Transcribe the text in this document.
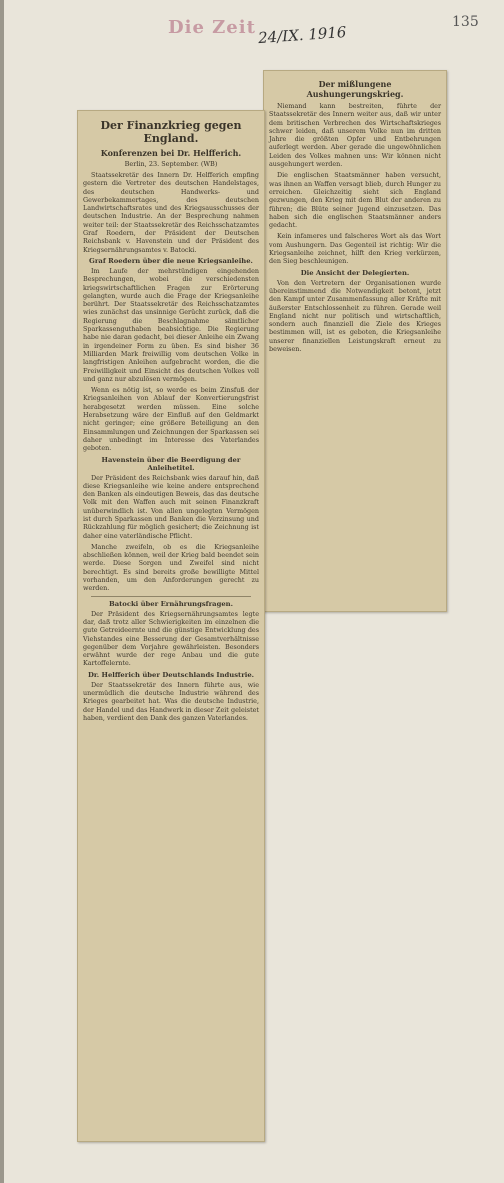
Die Zeit 24/IX. 1916
135
Der mißlungene Aushungerungskrieg.
Niemand kann bestreiten, führte der Staatssekretär des Innern weiter aus, daß wir unter dem britischen Verbrechen des Wirtschaftskrieges schwer leiden, daß unserem Volke nun im dritten Jahre die größten Opfer und Entbehrungen auferlegt werden. Aber gerade die ungewöhnlichen Leiden des Volkes mahnen uns: Wir können nicht ausgehungert werden.
Die englischen Staatsmänner haben versucht, was ihnen an Waffen versagt blieb, durch Hunger zu erreichen. Gleichzeitig sieht sich England gezwungen, den Krieg mit dem Blut der anderen zu führen; die Blüte seiner Jugend einzusetzen. Das haben sich die englischen Staatsmänner anders gedacht.
Kein infameres und falscheres Wort als das Wort vom Aushungern. Das Gegenteil ist richtig: Wir die Kriegsanleihe zeichnet, hilft den Krieg verkürzen, den Sieg beschleunigen.
Die Ansicht der Delegierten.
Von den Vertretern der Organisationen wurde übereinstimmend die Notwendigkeit betont, jetzt den Kampf unter Zusammenfassung aller Kräfte mit äußerster Entschlossenheit zu führen. Gerade weil England nicht nur politisch und wirtschaftlich, sondern auch finanziell die Ziele des Krieges bestimmen will, ist es geboten, die Kriegsanleihe unserer finanziellen Leistungskraft erneut zu beweisen.
Der Finanzkrieg gegen England.
Konferenzen bei Dr. Helfferich.
Berlin, 23. September. (WB)
Staatssekretär des Innern Dr. Helfferich empfing gestern die Vertreter des deutschen Handelstages, des deutschen Handwerks- und Gewerbekammertages, des deutschen Landwirtschaftsrates und des Kriegsausschusses der deutschen Industrie. An der Besprechung nahmen weiter teil: der Staatssekretär des Reichsschatzamtes Graf Roedern, der Präsident der Deutschen Reichsbank v. Havenstein und der Präsident des Kriegsernährungsamtes v. Batocki.
Graf Roedern über die neue Kriegsanleihe.
Im Laufe der mehrstündigen eingehenden Besprechungen, wobei die verschiedensten kriegswirtschaftlichen Fragen zur Erörterung gelangten, wurde auch die Frage der Kriegsanleihe berührt. Der Staatssekretär des Reichsschatzamtes wies zunächst das unsinnige Gerücht zurück, daß die Regierung die Beschlagnahme sämtlicher Sparkassenguthaben beabsichtige. Die Regierung habe nie daran gedacht, bei dieser Anleihe ein Zwang in irgendeiner Form zu üben. Es sind bisher 36 Milliarden Mark freiwillig vom deutschen Volke in langfristigen Anleihen aufgebracht worden, die die Freiwilligkeit und Einsicht des deutschen Volkes voll und ganz nur abzulösen vermögen.
Wenn es nötig ist, so werde es beim Zinsfuß der Kriegsanleihen von Ablauf der Konvertierungsfrist herabgesetzt werden müssen. Eine solche Herabsetzung wäre der Einfluß auf den Geldmarkt nicht geringer; eine größere Beteiligung an den Einsammlungen und Zeichnungen der Sparkassen sei daher unbedingt im Interesse des Vaterlandes geboten.
Havenstein über die Beerdigung der Anleihetitel.
Der Präsident des Reichsbank wies darauf hin, daß diese Kriegsanleihe wie keine andere entsprechend den Banken als eindeutigen Beweis, das das deutsche Volk mit den Waffen auch mit seinen Finanzkraft unüberwindlich ist. Von allen ungelegten Vermögen ist durch Sparkassen und Banken die Verzinsung und Rückzahlung für möglich gesichert; die Zeichnung ist daher eine vaterländische Pflicht.
Manche zweifeln, ob es die Kriegsanleihe abschließen können, weil der Krieg bald beendet sein werde. Diese Sorgen und Zweifel sind nicht berechtigt. Es sind bereits große bewilligte Mittel vorhanden, um den Anforderungen gerecht zu werden.
Batocki über Ernährungsfragen.
Der Präsident des Kriegsernährungsamtes legte dar, daß trotz aller Schwierigkeiten im einzelnen die gute Getreideernte und die günstige Entwicklung des Viehstandes eine Besserung der Gesamtverhältnisse gegenüber dem Vorjahre gewährleisten. Besonders erwähnt wurde der rege Anbau und die gute Kartoffelernte.
Dr. Helfferich über Deutschlands Industrie.
Der Staatssekretär des Innern führte aus, wie unermüdlich die deutsche Industrie während des Krieges gearbeitet hat. Was die deutsche Industrie, der Handel und das Handwerk in dieser Zeit geleistet haben, verdient den Dank des ganzen Vaterlandes.
